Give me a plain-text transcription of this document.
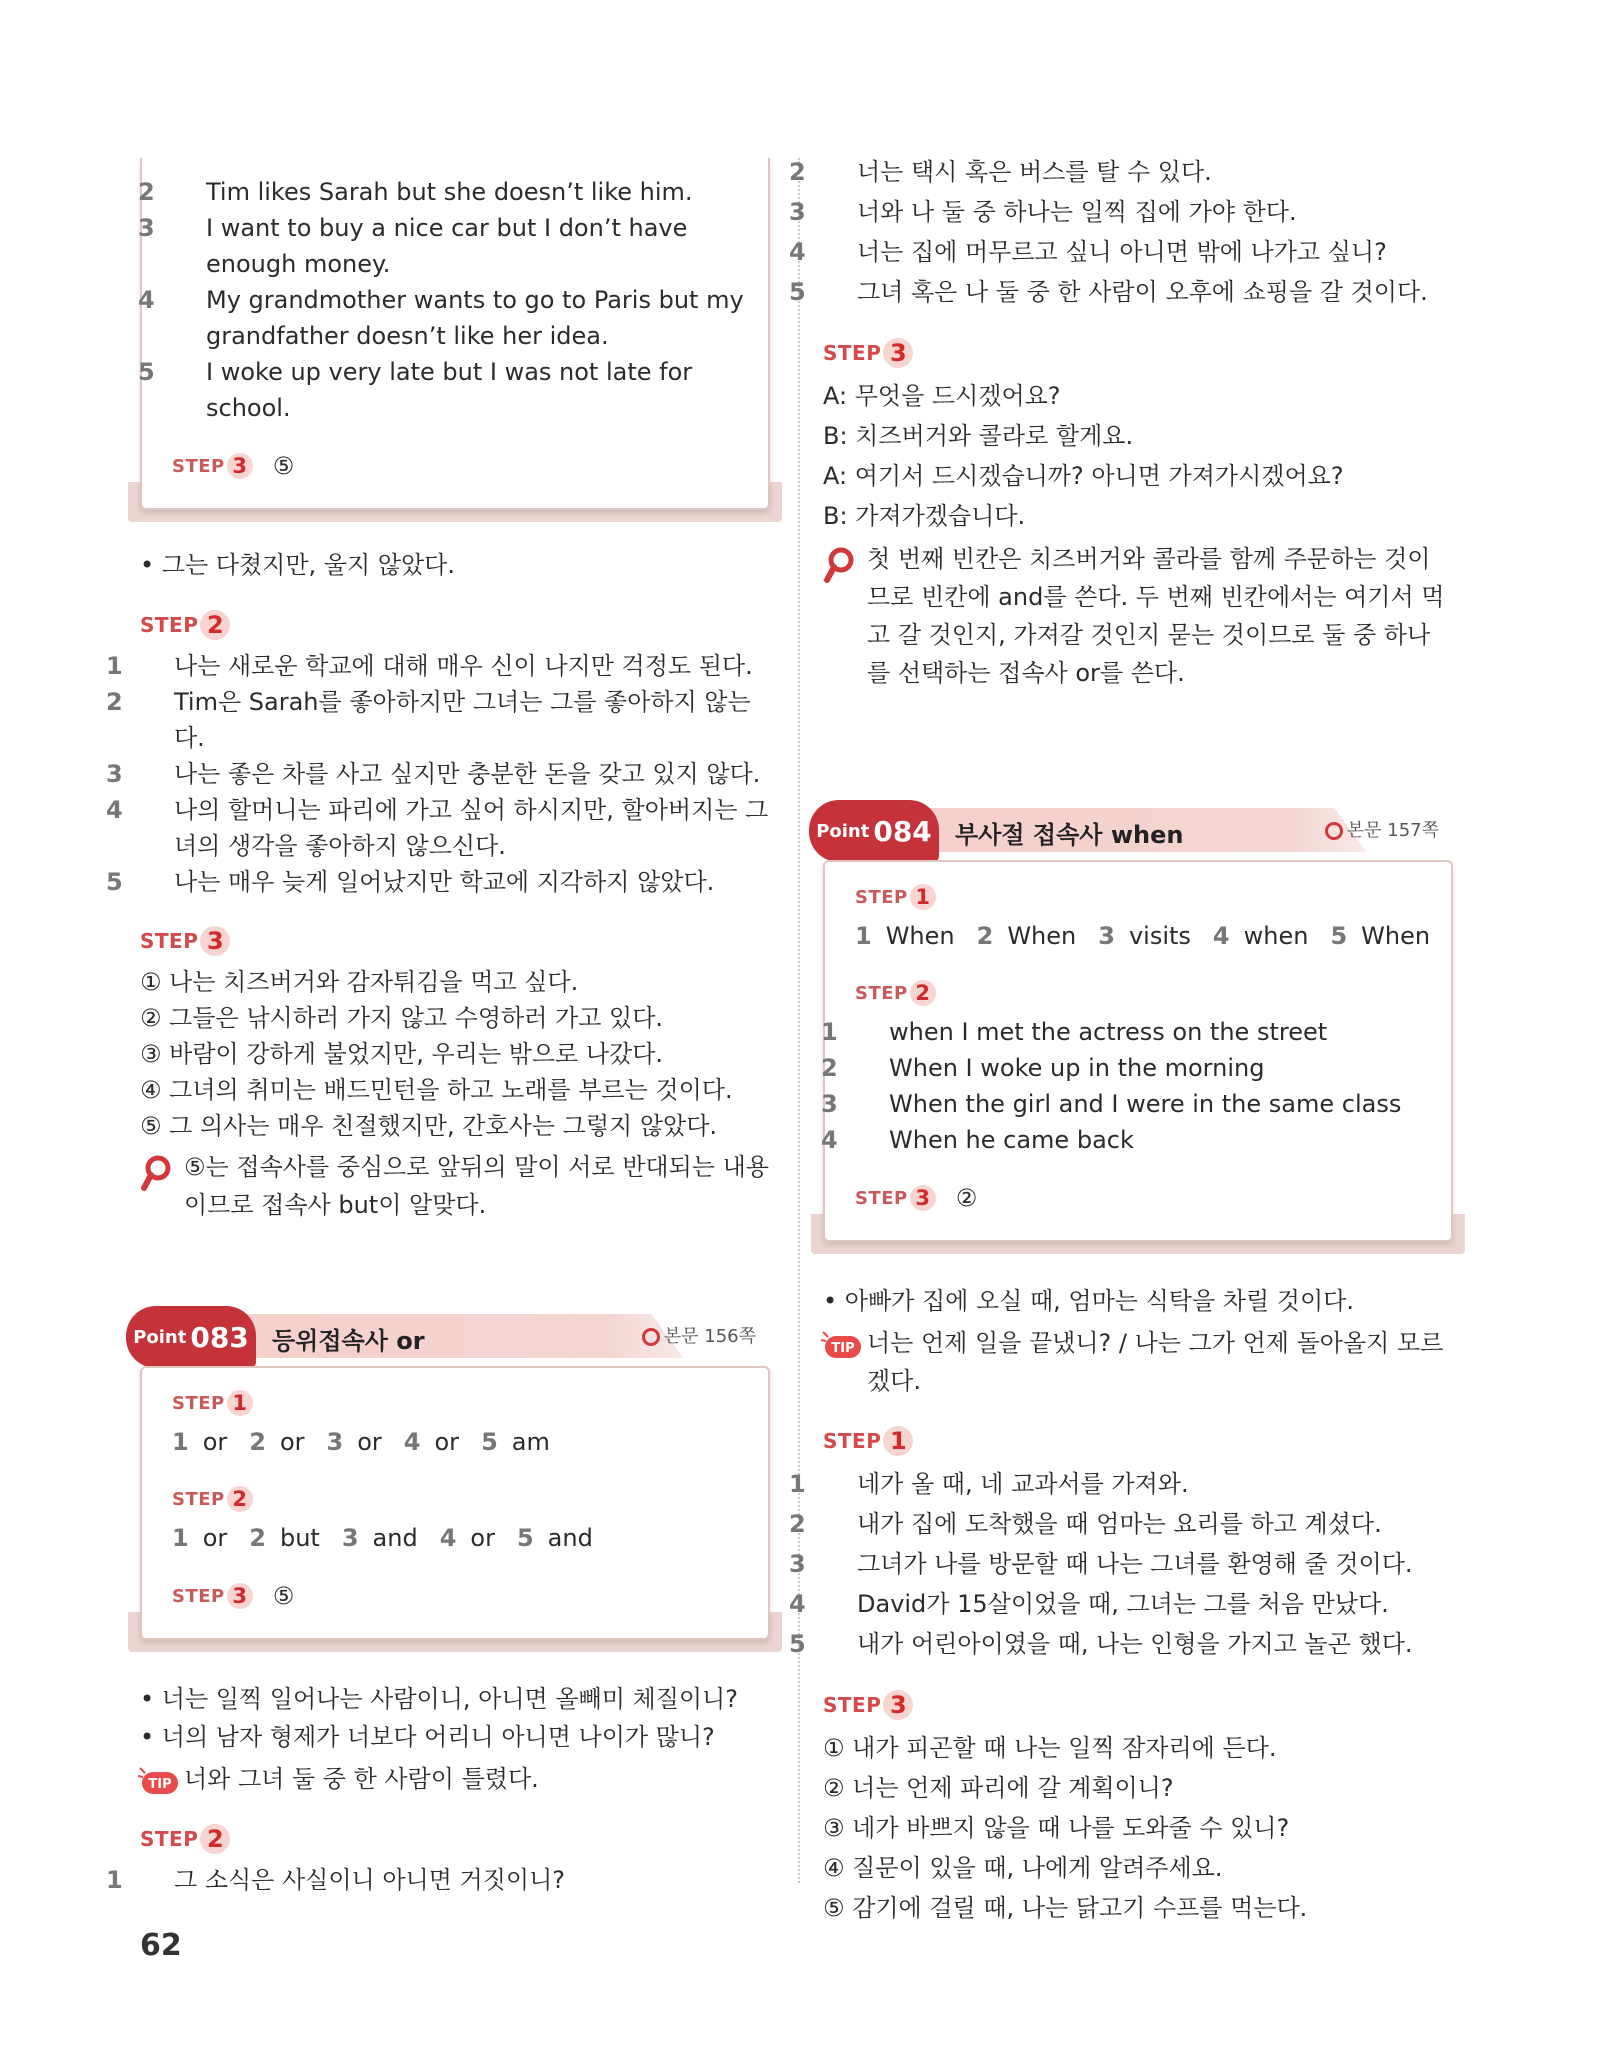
2 Tim likes Sarah but she doesn’t like him.

3 I want to buy a nice car but I don’t have enough money.

4 My grandmother wants to go to Paris but my grandfather doesn’t like her idea.

5 I woke up very late but I was not late for school.

STEP 3 ⑤

• 그는 다쳤지만, 울지 않았다.

STEP 2

1 나는 새로운 학교에 대해 매우 신이 나지만 걱정도 된다.

2 Tim은 Sarah를 좋아하지만 그녀는 그를 좋아하지 않는다.

3 나는 좋은 차를 사고 싶지만 충분한 돈을 갖고 있지 않다.

4 나의 할머니는 파리에 가고 싶어 하시지만, 할아버지는 그녀의 생각을 좋아하지 않으신다.

5 나는 매우 늦게 일어났지만 학교에 지각하지 않았다.

STEP 3

① 나는 치즈버거와 감자튀김을 먹고 싶다.

② 그들은 낚시하러 가지 않고 수영하러 가고 있다.

③ 바람이 강하게 불었지만, 우리는 밖으로 나갔다.

④ 그녀의 취미는 배드민턴을 하고 노래를 부르는 것이다.

⑤ 그 의사는 매우 친절했지만, 간호사는 그렇지 않았다.

⑤는 접속사를 중심으로 앞뒤의 말이 서로 반대되는 내용이므로 접속사 but이 알맞다.
Point 083 등위접속사 or	본문 156쪽
STEP 1
1 or 2 or 3 or 4 or 5 am
STEP 2
1 or 2 but 3 and 4 or 5 and
STEP 3 ⑤

• 너는 일찍 일어나는 사람이니, 아니면 올빼미 체질이니?

• 너의 남자 형제가 너보다 어리니 아니면 나이가 많니?

TIP 너와 그녀 둘 중 한 사람이 틀렸다.
STEP 2

1 그 소식은 사실이니 아니면 거짓이니?

2 너는 택시 혹은 버스를 탈 수 있다.

3 너와 나 둘 중 하나는 일찍 집에 가야 한다.

4 너는 집에 머무르고 싶니 아니면 밖에 나가고 싶니?

5 그녀 혹은 나 둘 중 한 사람이 오후에 쇼핑을 갈 것이다.

STEP 3

A: 무엇을 드시겠어요?

B: 치즈버거와 콜라로 할게요.

A: 여기서 드시겠습니까? 아니면 가져가시겠어요?

B: 가져가겠습니다.

첫 번째 빈칸은 치즈버거와 콜라를 함께 주문하는 것이므로 빈칸에 and를 쓴다. 두 번째 빈칸에서는 여기서 먹고 갈 것인지, 가져갈 것인지 묻는 것이므로 둘 중 하나를 선택하는 접속사 or를 쓴다.
Point 084 부사절 접속사 when	본문 157쪽
STEP 1
1 When 2 When 3 visits 4 when 5 When
STEP 2

1 when I met the actress on the street

2 When I woke up in the morning

3 When the girl and I were in the same class

4 When he came back

STEP 3 ②

• 아빠가 집에 오실 때, 엄마는 식탁을 차릴 것이다.

TIP 너는 언제 일을 끝냈니? / 나는 그가 언제 돌아올지 모르겠다.
STEP 1

1 네가 올 때, 네 교과서를 가져와.

2 내가 집에 도착했을 때 엄마는 요리를 하고 계셨다.

3 그녀가 나를 방문할 때 나는 그녀를 환영해 줄 것이다.

4 David가 15살이었을 때, 그녀는 그를 처음 만났다.

5 내가 어린아이였을 때, 나는 인형을 가지고 놀곤 했다.

STEP 3

① 내가 피곤할 때 나는 일찍 잠자리에 든다.

② 너는 언제 파리에 갈 계획이니?

③ 네가 바쁘지 않을 때 나를 도와줄 수 있니?

④ 질문이 있을 때, 나에게 알려주세요.

⑤ 감기에 걸릴 때, 나는 닭고기 수프를 먹는다.

62
